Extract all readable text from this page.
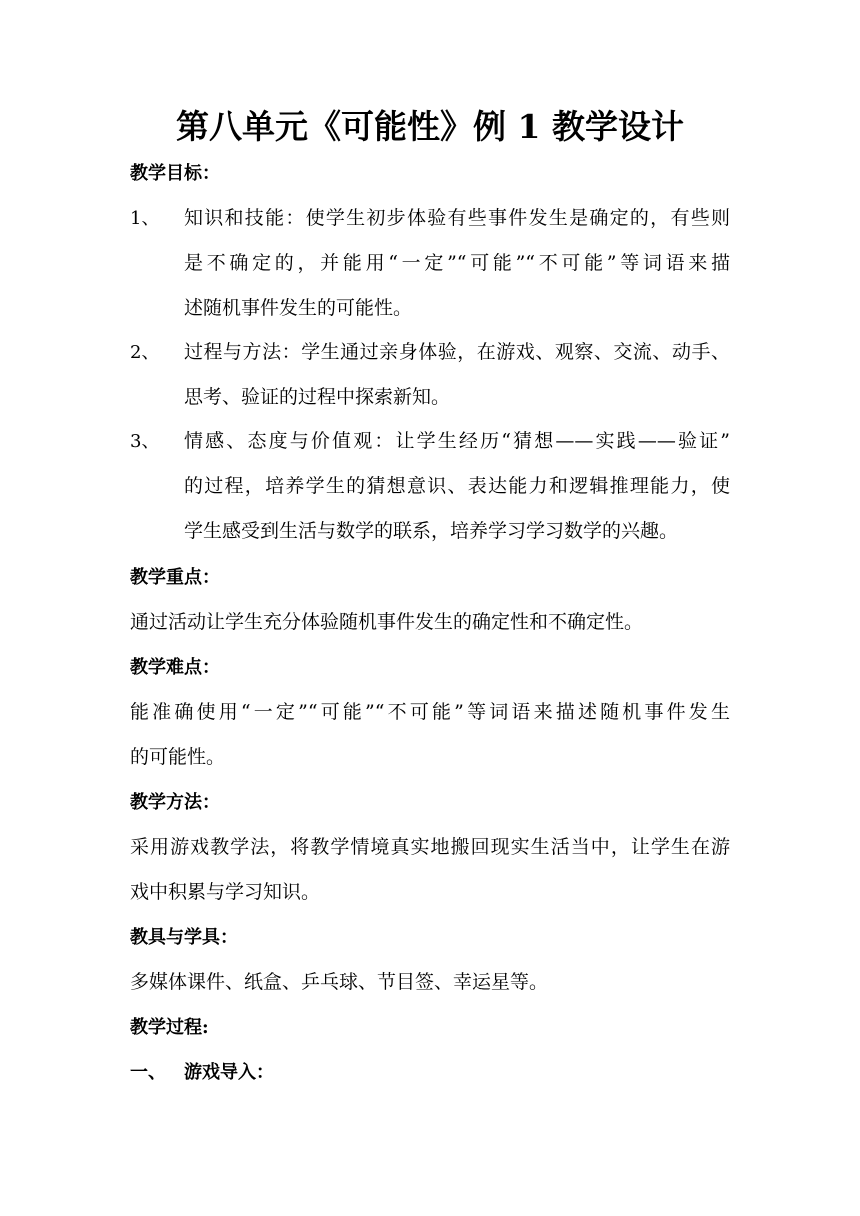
第八单元《可能性》例 1 教学设计
教学目标：
1、 知识和技能：使学生初步体验有些事件发生是确定的，有些则
是不确定的，并能用“一定”“可能”“不可能”等词语来描
述随机事件发生的可能性。
2、 过程与方法：学生通过亲身体验，在游戏、观察、交流、动手、
思考、验证的过程中探索新知。
3、 情感、态度与价值观：让学生经历“猜想——实践——验证”
的过程，培养学生的猜想意识、表达能力和逻辑推理能力，使
学生感受到生活与数学的联系，培养学习学习数学的兴趣。
教学重点：
通过活动让学生充分体验随机事件发生的确定性和不确定性。
教学难点：
能准确使用“一定”“可能”“不可能”等词语来描述随机事件发生
的可能性。
教学方法：
采用游戏教学法，将教学情境真实地搬回现实生活当中，让学生在游
戏中积累与学习知识。
教具与学具：
多媒体课件、纸盒、乒乓球、节目签、幸运星等。
教学过程:
一、 游戏导入：
